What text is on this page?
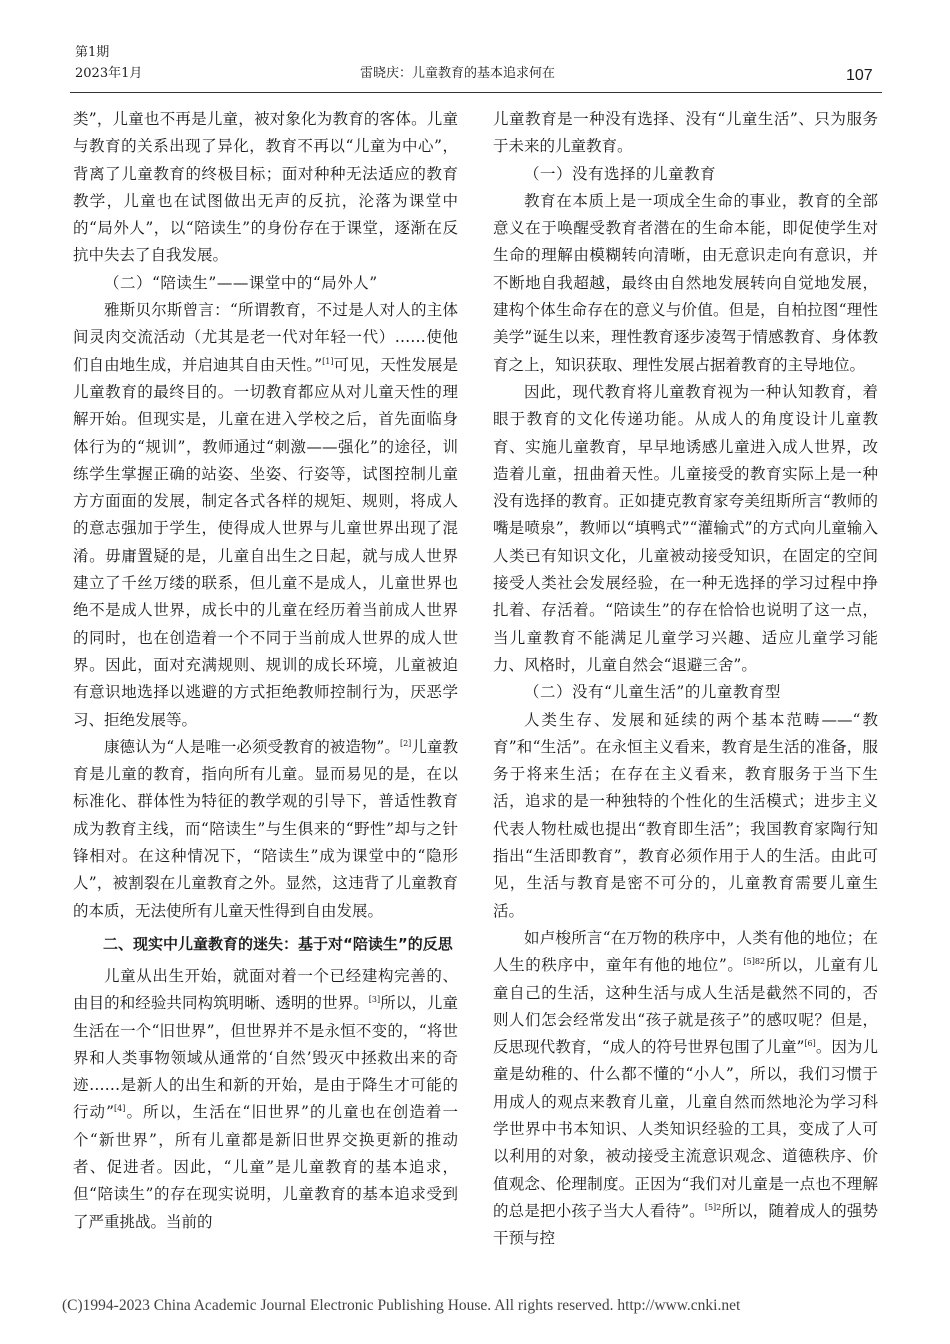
第1期
2023年1月	雷晓庆：儿童教育的基本追求何在	107

类”，儿童也不再是儿童，被对象化为教育的客体。儿童与教育的关系出现了异化，教育不再以“儿童为中心”，背离了儿童教育的终极目标；面对种种无法适应的教育教学，儿童也在试图做出无声的反抗，沦落为课堂中的“局外人”，以“陪读生”的身份存在于课堂，逐渐在反抗中失去了自我发展。

（二）“陪读生”——课堂中的“局外人”

雅斯贝尔斯曾言：“所谓教育，不过是人对人的主体间灵肉交流活动（尤其是老一代对年轻一代）……使他们自由地生成，并启迪其自由天性。”[1]可见，天性发展是儿童教育的最终目的。一切教育都应从对儿童天性的理解开始。但现实是，儿童在进入学校之后，首先面临身体行为的“规训”，教师通过“刺激——强化”的途径，训练学生掌握正确的站姿、坐姿、行姿等，试图控制儿童方方面面的发展，制定各式各样的规矩、规则，将成人的意志强加于学生，使得成人世界与儿童世界出现了混淆。毋庸置疑的是，儿童自出生之日起，就与成人世界建立了千丝万缕的联系，但儿童不是成人，儿童世界也绝不是成人世界，成长中的儿童在经历着当前成人世界的同时，也在创造着一个不同于当前成人世界的成人世界。因此，面对充满规则、规训的成长环境，儿童被迫有意识地选择以逃避的方式拒绝教师控制行为，厌恶学习、拒绝发展等。

康德认为“人是唯一必须受教育的被造物”。[2]儿童教育是儿童的教育，指向所有儿童。显而易见的是，在以标准化、群体性为特征的教学观的引导下，普适性教育成为教育主线，而“陪读生”与生俱来的“野性”却与之针锋相对。在这种情况下，“陪读生”成为课堂中的“隐形人”，被割裂在儿童教育之外。显然，这违背了儿童教育的本质，无法使所有儿童天性得到自由发展。

二、现实中儿童教育的迷失：基于对“陪读生”的反思

儿童从出生开始，就面对着一个已经建构完善的、由目的和经验共同构筑明晰、透明的世界。[3]所以，儿童生活在一个“旧世界”，但世界并不是永恒不变的，“将世界和人类事物领域从通常的‘自然’毁灭中拯救出来的奇迹……是新人的出生和新的开始，是由于降生才可能的行动”[4]。所以，生活在“旧世界”的儿童也在创造着一个“新世界”，所有儿童都是新旧世界交换更新的推动者、促进者。因此，“儿童”是儿童教育的基本追求，但“陪读生”的存在现实说明，儿童教育的基本追求受到了严重挑战。当前的

儿童教育是一种没有选择、没有“儿童生活”、只为服务于未来的儿童教育。

（一）没有选择的儿童教育

教育在本质上是一项成全生命的事业，教育的全部意义在于唤醒受教育者潜在的生命本能，即促使学生对生命的理解由模糊转向清晰，由无意识走向有意识，并不断地自我超越，最终由自然地发展转向自觉地发展，建构个体生命存在的意义与价值。但是，自柏拉图“理性美学”诞生以来，理性教育逐步凌驾于情感教育、身体教育之上，知识获取、理性发展占据着教育的主导地位。

因此，现代教育将儿童教育视为一种认知教育，着眼于教育的文化传递功能。从成人的角度设计儿童教育、实施儿童教育，早早地诱感儿童进入成人世界，改造着儿童，扭曲着天性。儿童接受的教育实际上是一种没有选择的教育。正如捷克教育家夸美纽斯所言“教师的嘴是喷泉”，教师以“填鸭式”“灌输式”的方式向儿童输入人类已有知识文化，儿童被动接受知识，在固定的空间接受人类社会发展经验，在一种无选择的学习过程中挣扎着、存活着。“陪读生”的存在恰恰也说明了这一点，当儿童教育不能满足儿童学习兴趣、适应儿童学习能力、风格时，儿童自然会“退避三舍”。

（二）没有“儿童生活”的儿童教育型

人类生存、发展和延续的两个基本范畴——“教育”和“生活”。在永恒主义看来，教育是生活的准备，服务于将来生活；在存在主义看来，教育服务于当下生活，追求的是一种独特的个性化的生活模式；进步主义代表人物杜威也提出“教育即生活”；我国教育家陶行知指出“生活即教育”，教育必须作用于人的生活。由此可见，生活与教育是密不可分的，儿童教育需要儿童生活。

如卢梭所言“在万物的秩序中，人类有他的地位；在人生的秩序中，童年有他的地位”。$^{[5]82}$所以，儿童有儿童自己的生活，这种生活与成人生活是截然不同的，否则人们怎会经常发出“孩子就是孩子”的感叹呢？但是，反思现代教育，“成人的符号世界包围了儿童”[6]。因为儿童是幼稚的、什么都不懂的“小人”，所以，我们习惯于用成人的观点来教育儿童，儿童自然而然地沦为学习科学世界中书本知识、人类知识经验的工具，变成了人可以利用的对象，被动接受主流意识观念、道德秩序、价值观念、伦理制度。正因为“我们对儿童是一点也不理解的总是把小孩子当大人看待”。$^{[5]2}$所以，随着成人的强势干预与控

(C)1994-2023 China Academic Journal Electronic Publishing House. All rights reserved. http://www.cnki.net
